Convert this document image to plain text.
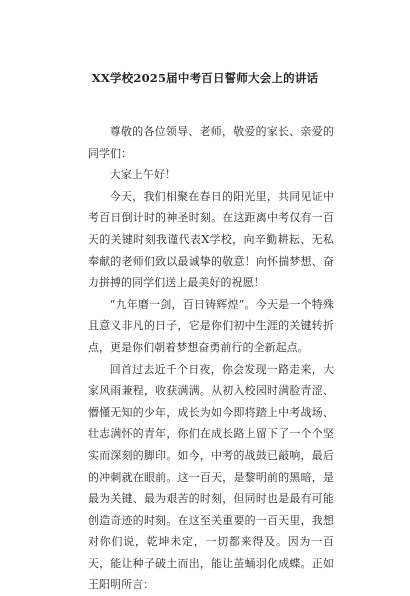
XX学校2025届中考百日誓师大会上的讲话

尊敬的各位领导、老师，敬爱的家长、亲爱的同学们：

大家上午好！

今天，我们相聚在春日的阳光里，共同见证中考百日倒计时的神圣时刻。在这距离中考仅有一百天的关键时刻我谨代表X学校，向辛勤耕耘、无私奉献的老师们致以最诚挚的敬意！向怀揣梦想、奋力拼搏的同学们送上最美好的祝愿！

“九年磨一剑，百日铸辉煌”。今天是一个特殊且意义非凡的日子，它是你们初中生涯的关键转折点，更是你们朝着梦想奋勇前行的全新起点。

回首过去近千个日夜，你会发现一路走来，大家风雨兼程，收获满满。从初入校园时满脸青涩、懵懂无知的少年，成长为如今即将踏上中考战场、壮志满怀的青年，你们在成长路上留下了一个个坚实而深刻的脚印。如今，中考的战鼓已敲响，最后的冲刺就在眼前。这一百天，是黎明前的黑暗，是最为关键、最为艰苦的时刻，但同时也是最有可能创造奇迹的时刻。在这至关重要的一百天里，我想对你们说，乾坤未定，一切都来得及。因为一百天，能让种子破土而出，能让茧蛹羽化成蝶。正如王阳明所言：
